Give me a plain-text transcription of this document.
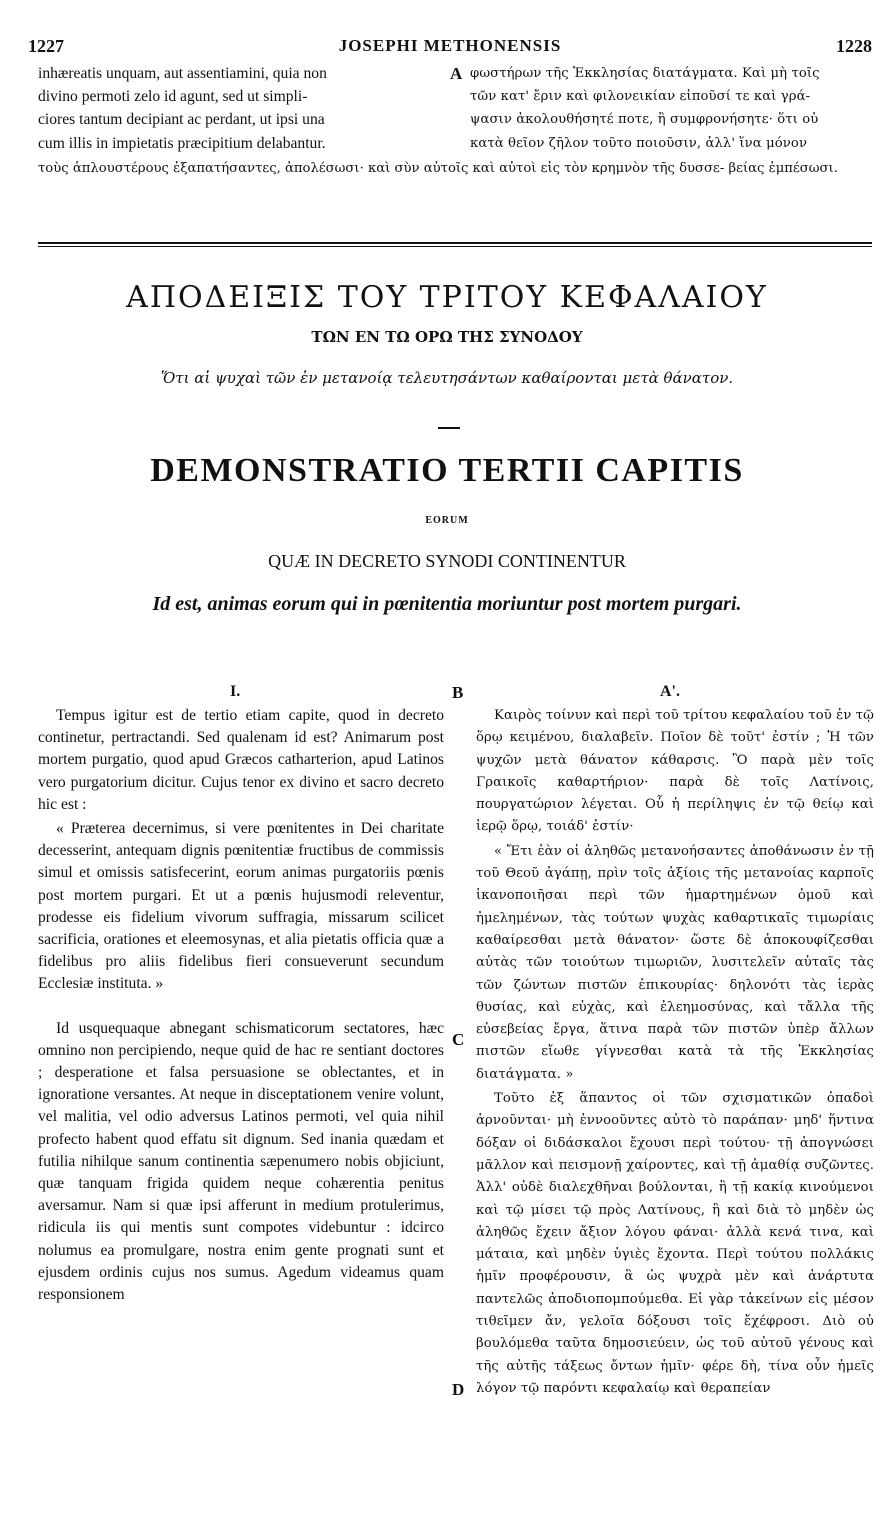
1227	JOSEPHI METHONENSIS	1228
inhæreatis unquam, aut assentiamini, quia non
divino permoti zelo id agunt, sed ut simpli-
ciores tantum decipiant ac perdant, ut ipsi una
cum illis in impietatis præcipitium delabantur.
A φωστήρων τῆς Ἐκκλησίας διατάγματα. Καὶ μὴ τοῖς
τῶν κατ' ἔριν καὶ φιλονεικίαν εἰποῦσί τε καὶ γρά-
ψασιν ἀκολουθήσητέ ποτε, ἢ συμφρονήσητε· ὅτι οὐ
κατὰ θεῖον ζῆλον τοῦτο ποιοῦσιν, ἀλλ' ἵνα μόνον
τοὺς ἁπλουστέρους ἐξαπατήσαντες, ἀπολέσωσι· καὶ σὺν αὐτοῖς καὶ αὐτοὶ εἰς τὸν κρημνὸν τῆς δυσσε- βείας ἐμπέσωσι.
ΑΠΟΔΕΙΞΙΣ ΤΟΥ ΤΡΙΤΟΥ ΚΕΦΑΛΑΙΟΥ
ΤΩΝ ΕΝ ΤΩ ΟΡΩ ΤΗΣ ΣΥΝΟΔΟΥ
Ὅτι αἱ ψυχαὶ τῶν ἐν μετανοίᾳ τελευτησάντων καθαίρονται μετὰ θάνατον.
DEMONSTRATIO TERTII CAPITIS
EORUM
QUÆ IN DECRETO SYNODI CONTINENTUR
Id est, animas eorum qui in pœnitentia moriuntur post mortem purgari.
I.	B	Α'.

Tempus igitur est de tertio etiam capite, quod in decreto continetur, pertractandi. Sed qualenam id est? Animarum post mortem purgatio, quod apud Græcos catharterion, apud Latinos vero purgatorium dicitur. Cujus tenor ex divino et sacro decreto hic est :

« Præterea decernimus, si vere pœnitentes in Dei charitate decesserint, antequam dignis pœnitentiæ fructibus de commissis simul et omissis satisfecerint, eorum animas purgatoriis pœnis post mortem purgari. Et ut a pœnis hujusmodi releventur, prodesse eis fidelium vivorum suffragia, missarum scilicet sacrificia, orationes et eleemosynas, et alia pietatis officia quæ a fidelibus pro aliis fidelibus fieri consueverunt secundum Ecclesiæ instituta. »

Id usquequaque abnegant schismaticorum sectatores, hæc omnino non percipiendo, neque quid de hac re sentiant doctores ; desperatione et falsa persuasione se oblectantes, et in ignoratione versantes. At neque in disceptationem venire volunt, vel malitia, vel odio adversus Latinos permoti, vel quia nihil profecto habent quod effatu sit dignum. Sed inania quædam et futilia nihilque sanum continentia sæpenumero nobis objiciunt, quæ tanquam frigida quidem neque cohærentia penitus aversamur. Nam si quæ ipsi afferunt in medium protulerimus, ridicula iis qui mentis sunt compotes videbuntur : idcirco nolumus ea promulgare, nostra enim gente prognati sunt et ejusdem ordinis cujus nos sumus. Agedum videamus quam responsionem

C
D

Καιρὸς τοίνυν καὶ περὶ τοῦ τρίτου κεφαλαίου τοῦ ἐν τῷ ὅρῳ κειμένου, διαλαβεῖν. Ποῖον δὲ τοῦτ' ἐστίν ; Ἡ τῶν ψυχῶν μετὰ θάνατον κάθαρσις. Ὃ παρὰ μὲν τοῖς Γραικοῖς καθαρτήριον· παρὰ δὲ τοῖς Λατίνοις, πουργατώριον λέγεται. Οὗ ἡ περίληψις ἐν τῷ θείῳ καὶ ἱερῷ ὅρῳ, τοιάδ' ἐστίν·

« Ἔτι ἐὰν οἱ ἀληθῶς μετανοήσαντες ἀποθάνωσιν ἐν τῇ τοῦ Θεοῦ ἀγάπῃ, πρὶν τοῖς ἀξίοις τῆς μετανοίας καρποῖς ἱκανοποιῆσαι περὶ τῶν ἡμαρτημένων ὁμοῦ καὶ ἠμελημένων, τὰς τούτων ψυχὰς καθαρτικαῖς τιμωρίαις καθαίρεσθαι μετὰ θάνατον· ὥστε δὲ ἀποκουφίζεσθαι αὐτὰς τῶν τοιούτων τιμωριῶν, λυσιτελεῖν αὐταῖς τὰς τῶν ζώντων πιστῶν ἐπικουρίας· δηλονότι τὰς ἱερὰς θυσίας, καὶ εὐχὰς, καὶ ἐλεημοσύνας, καὶ τἄλλα τῆς εὐσεβείας ἔργα, ἅτινα παρὰ τῶν πιστῶν ὑπὲρ ἄλλων πιστῶν εἴωθε γίγνεσθαι κατὰ τὰ τῆς Ἐκκλησίας διατάγματα. »

Τοῦτο ἐξ ἅπαντος οἱ τῶν σχισματικῶν ὀπαδοὶ ἀρνοῦνται· μὴ ἐννοοῦντες αὐτὸ τὸ παράπαν· μηδ' ἥντινα δόξαν οἱ διδάσκαλοι ἔχουσι περὶ τούτου· τῇ ἀπογνώσει μᾶλλον καὶ πεισμονῇ χαίροντες, καὶ τῇ ἀμαθίᾳ συζῶντες. Ἀλλ' οὐδὲ διαλεχθῆναι βούλονται, ἢ τῇ κακίᾳ κινούμενοι καὶ τῷ μίσει τῷ πρὸς Λατίνους, ἢ καὶ διὰ τὸ μηδὲν ὡς ἀληθῶς ἔχειν ἄξιον λόγου φάναι· ἀλλὰ κενά τινα, καὶ μάταια, καὶ μηδὲν ὑγιὲς ἔχοντα. Περὶ τούτου πολλάκις ἡμῖν προφέρουσιν, ἃ ὡς ψυχρὰ μὲν καὶ ἀνάρτυτα παντελῶς ἀποδιοπομπούμεθα. Εἰ γὰρ τἀκείνων εἰς μέσον τιθεῖμεν ἄν, γελοῖα δόξουσι τοῖς ἔχέφροσι. Διὸ οὐ βουλόμεθα ταῦτα δημοσιεύειν, ὡς τοῦ αὐτοῦ γένους καὶ τῆς αὐτῆς τάξεως ὄντων ἡμῖν· φέρε δὴ, τίνα οὖν ἡμεῖς λόγον τῷ παρόντι κεφαλαίῳ καὶ θεραπείαν
